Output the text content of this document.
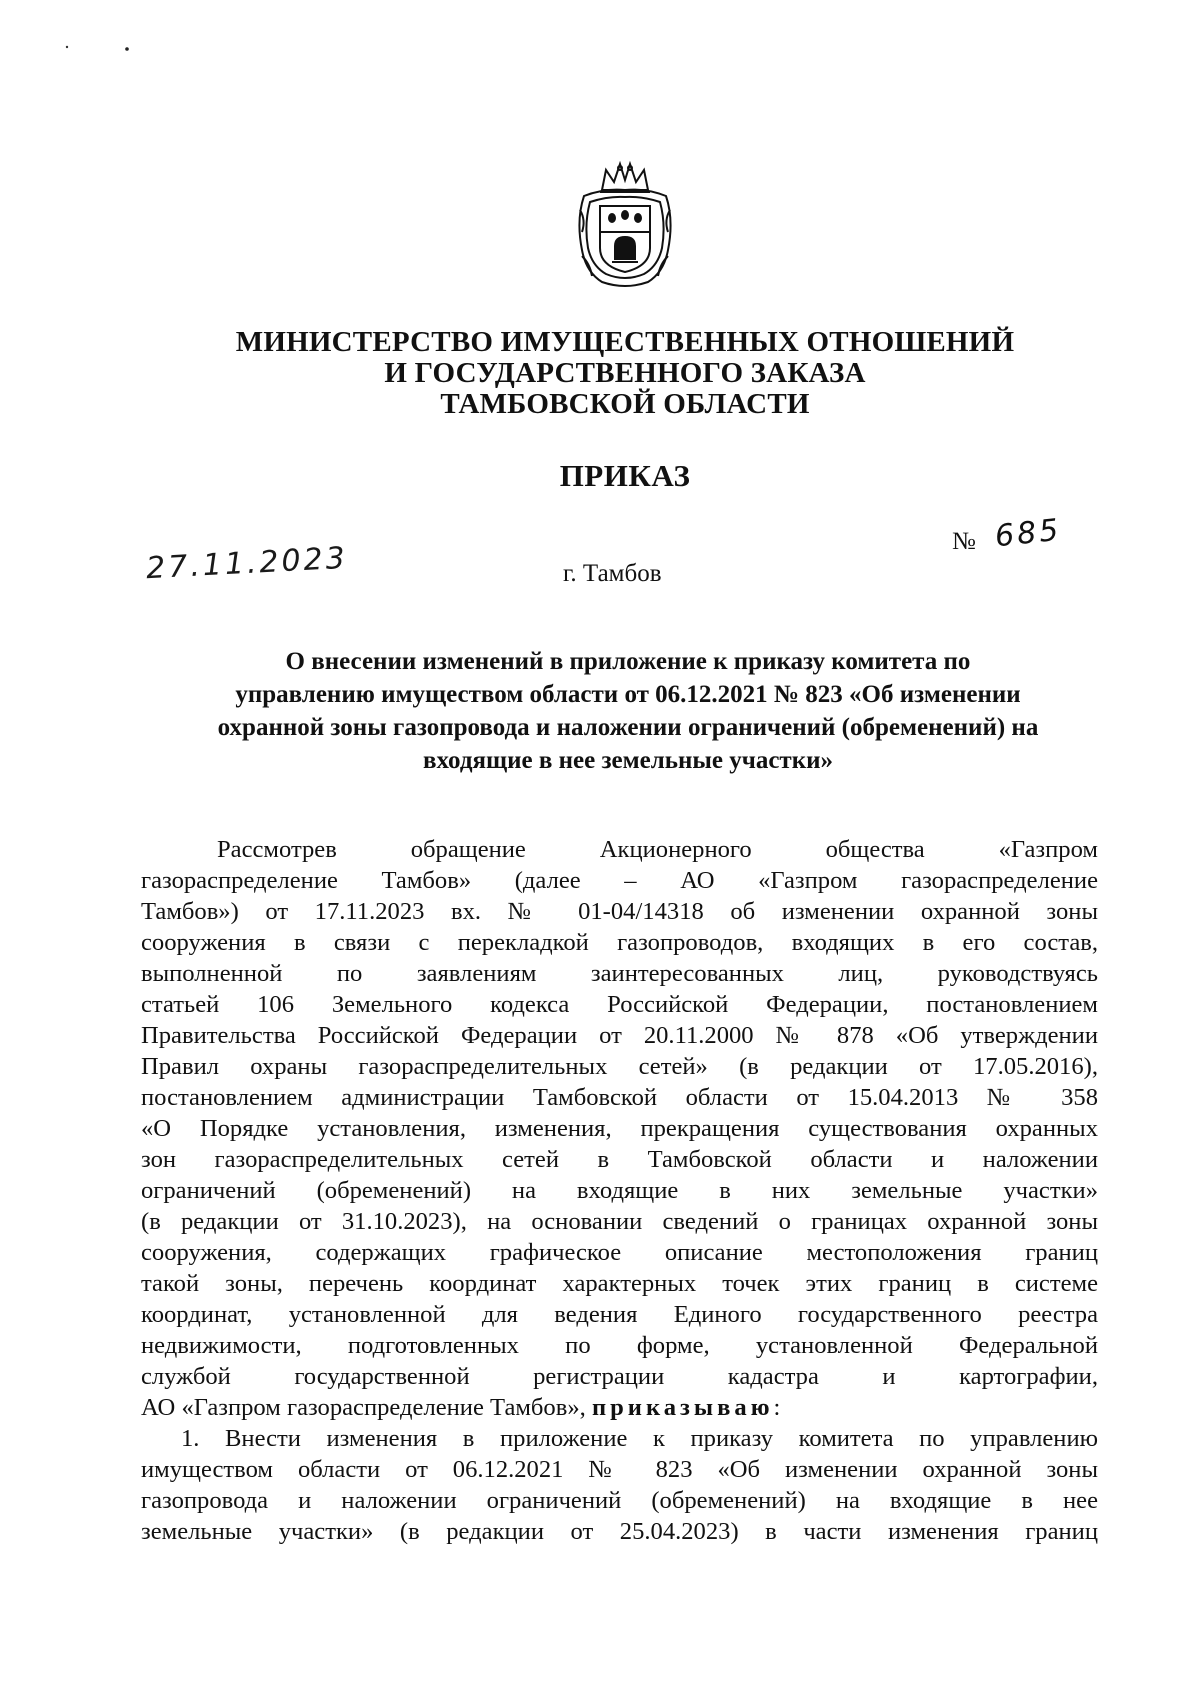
МИНИСТЕРСТВО ИМУЩЕСТВЕННЫХ ОТНОШЕНИЙ
И ГОСУДАРСТВЕННОГО ЗАКАЗА
ТАМБОВСКОЙ ОБЛАСТИ
ПРИКАЗ
27.11.2023	г. Тамбов
№ 685
О внесении изменений в приложение к приказу комитета по
управлению имуществом области от 06.12.2021 № 823 «Об изменении
охранной зоны газопровода и наложении ограничений (обременений) на
входящие в нее земельные участки»
Рассмотрев обращение Акционерного общества «Газпром
газораспределение Тамбов» (далее – АО «Газпром газораспределение
Тамбов») от 17.11.2023 вх. № 01-04/14318 об изменении охранной зоны
сооружения в связи с перекладкой газопроводов, входящих в его состав,
выполненной по заявлениям заинтересованных лиц, руководствуясь
статьей 106 Земельного кодекса Российской Федерации, постановлением
Правительства Российской Федерации от 20.11.2000 № 878 «Об утверждении
Правил охраны газораспределительных сетей» (в редакции от 17.05.2016),
постановлением администрации Тамбовской области от 15.04.2013 № 358
«О Порядке установления, изменения, прекращения существования охранных
зон газораспределительных сетей в Тамбовской области и наложении
ограничений (обременений) на входящие в них земельные участки»
(в редакции от 31.10.2023), на основании сведений о границах охранной зоны
сооружения, содержащих графическое описание местоположения границ
такой зоны, перечень координат характерных точек этих границ в системе
координат, установленной для ведения Единого государственного реестра
недвижимости, подготовленных по форме, установленной Федеральной
службой государственной регистрации кадастра и картографии,
АО «Газпром газораспределение Тамбов», приказываю:
1. Внести изменения в приложение к приказу комитета по управлению
имуществом области от 06.12.2021 № 823 «Об изменении охранной зоны
газопровода и наложении ограничений (обременений) на входящие в нее
земельные участки» (в редакции от 25.04.2023) в части изменения границ
